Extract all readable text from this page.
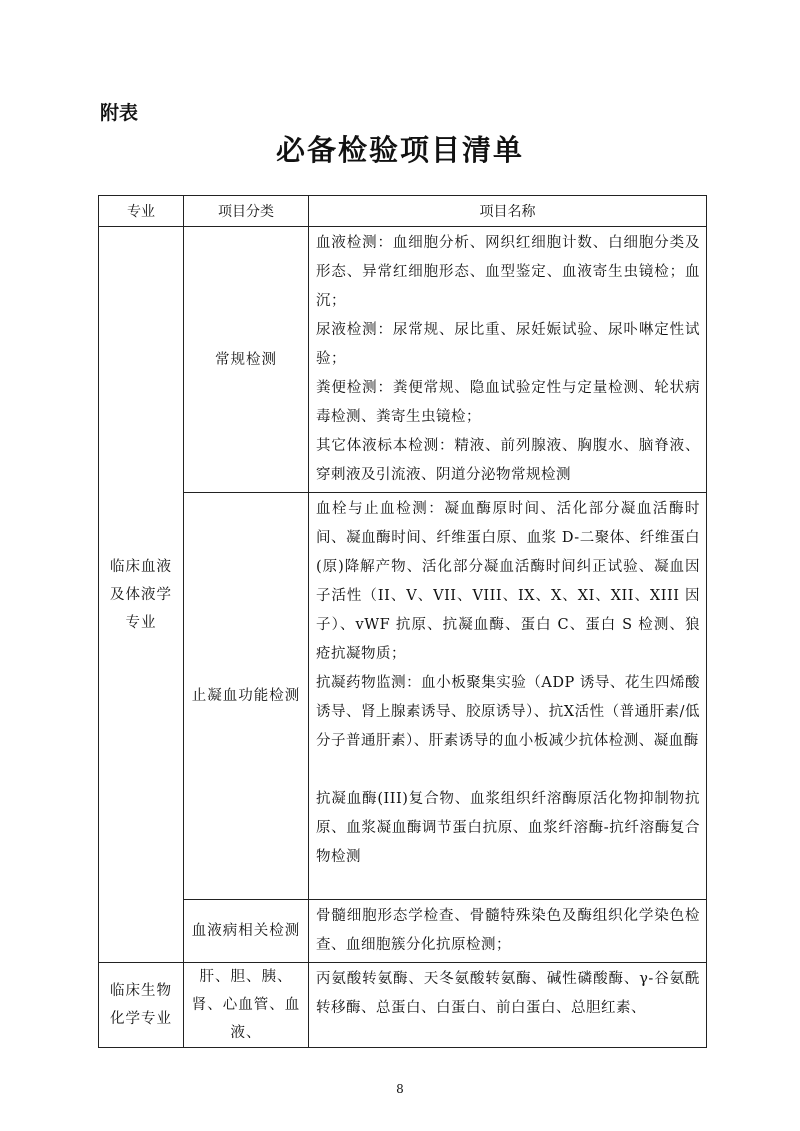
附表
必备检验项目清单
专业	项目分类	项目名称
临床血液及体液学专业	常规检测	血液检测：血细胞分析、网织红细胞计数、白细胞分类及形态、异常红细胞形态、血型鉴定、血液寄生虫镜检；血沉；

尿液检测：尿常规、尿比重、尿妊娠试验、尿卟啉定性试验；

粪便检测：粪便常规、隐血试验定性与定量检测、轮状病毒检测、粪寄生虫镜检；

其它体液标本检测：精液、前列腺液、胸腹水、脑脊液、穿刺液及引流液、阴道分泌物常规检测

	止凝血功能检测	血栓与止血检测：凝血酶原时间、活化部分凝血活酶时间、凝血酶时间、纤维蛋白原、血浆 D-二聚体、纤维蛋白(原)降解产物、活化部分凝血活酶时间纠正试验、凝血因子活性（II、V、VII、VIII、IX、X、XI、XII、XIII 因子）、vWF 抗原、抗凝血酶、蛋白 C、蛋白 S 检测、狼疮抗凝物质；

抗凝药物监测：血小板聚集实验（ADP 诱导、花生四烯酸诱导、肾上腺素诱导、胶原诱导）、抗X活性（普通肝素/低分子普通肝素）、肝素诱导的血小板减少抗体检测、凝血酶

抗凝血酶(III)复合物、血浆组织纤溶酶原活化物抑制物抗原、血浆凝血酶调节蛋白抗原、血浆纤溶酶-抗纤溶酶复合物检测

	血液病相关检测	骨髓细胞形态学检查、骨髓特殊染色及酶组织化学染色检查、血细胞簇分化抗原检测；

临床生物化学专业	肝、胆、胰、肾、心血管、血液、	丙氨酸转氨酶、天冬氨酸转氨酶、碱性磷酸酶、γ-谷氨酰转移酶、总蛋白、白蛋白、前白蛋白、总胆红素、

8
